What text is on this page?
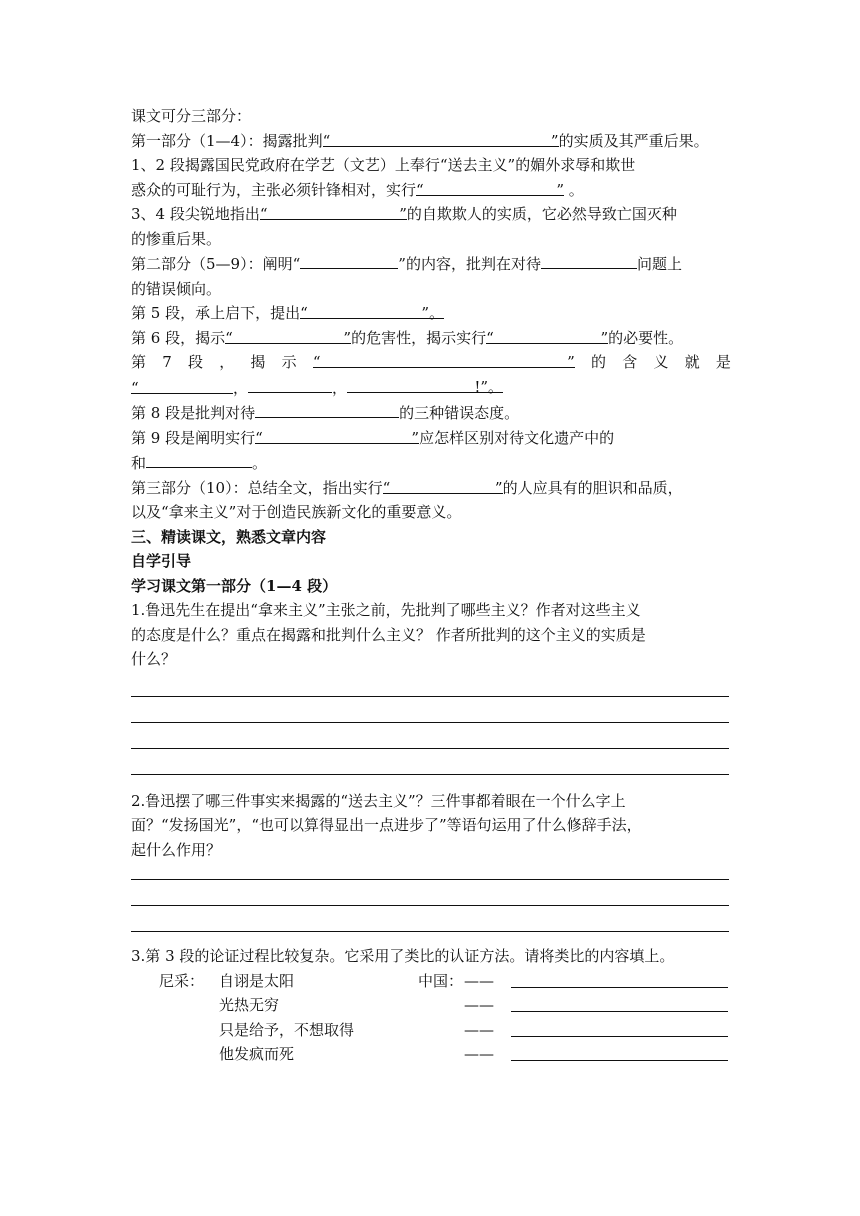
课文可分三部分：
第一部分（1—4）：揭露批判“	” 的实质及其严重后果。
1、2 段揭露国民党政府在学艺（文艺）上奉行“送去主义”的媚外求辱和欺世
惑众的可耻行为，主张必须针锋相对，实行“	” 。
3、4 段尖锐地指出“	” 的自欺欺人的实质，它必然导致亡国灭种
的惨重后果。
第二部分（5—9）：阐明“	”的内容，批判在对待	问题上
的错误倾向。
第 5 段，承上启下，提出“	”。
第 6 段，揭示“	” 的危害性，揭示实行“	” 的必要性。
第 7 段 ， 揭 示 “	” 的 含 义 就 是
“	，	，	!”。
第 8 段是批判对待	的三种错误态度。
第 9 段是阐明实行“	” 应怎样区别对待文化遗产中的
和	。
第三部分（10）：总结全文，指出实行“	” 的人应具有的胆识和品质，
以及“拿来主义”对于创造民族新文化的重要意义。
三、精读课文，熟悉文章内容
自学引导
学习课文第一部分（1—4 段）
1.鲁迅先生在提出“拿来主义”主张之前，先批判了哪些主义？作者对这些主义
的态度是什么？重点在揭露和批判什么主义？ 作者所批判的这个主义的实质是
什么？
2.鲁迅摆了哪三件事实来揭露的“送去主义”？三件事都着眼在一个什么字上
面？“发扬国光”，“也可以算得显出一点进步了”等语句运用了什么修辞手法，
起什么作用？
3.第 3 段的论证过程比较复杂。它采用了类比的认证方法。请将类比的内容填上。
尼采： 自诩是太阳	中国： ——
光热无穷	——
只是给予，不想取得	——
他发疯而死	——
